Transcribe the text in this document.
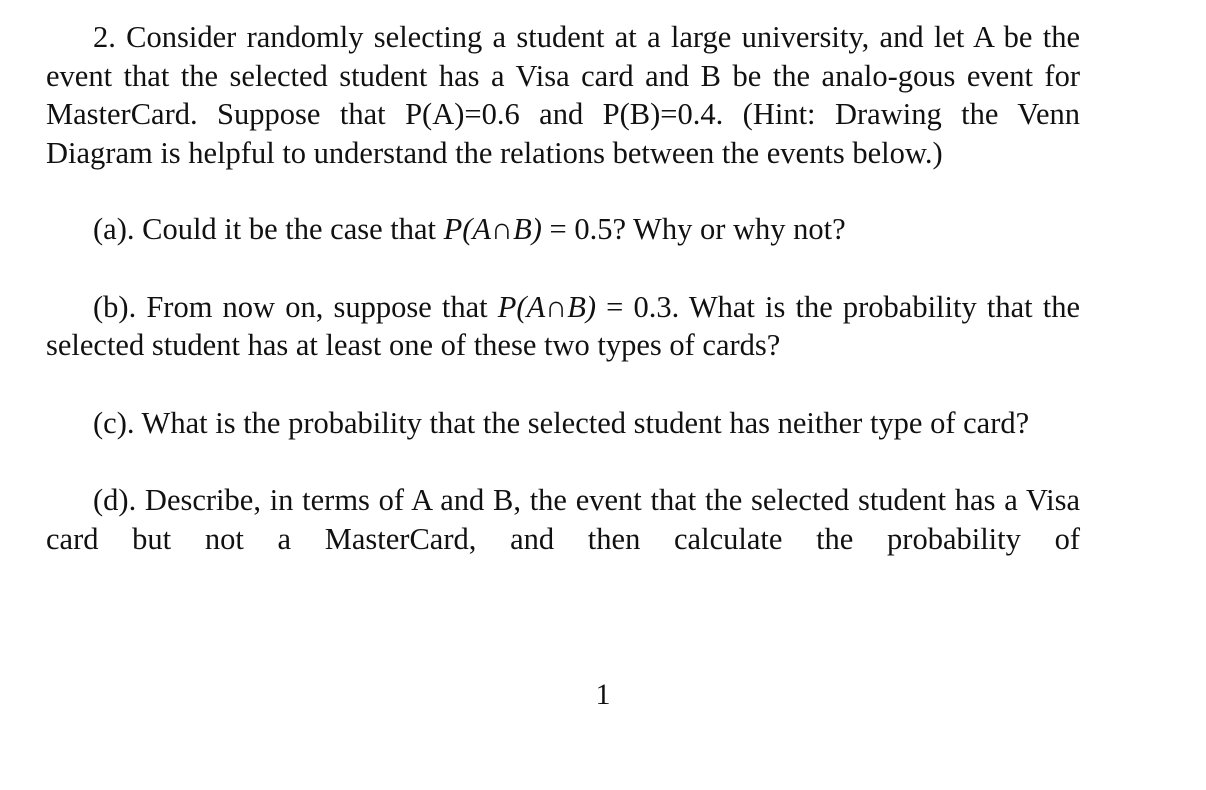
2. Consider randomly selecting a student at a large university, and let A be the event that the selected student has a Visa card and B be the analo-gous event for MasterCard. Suppose that P(A)=0.6 and P(B)=0.4. (Hint: Drawing the Venn Diagram is helpful to understand the relations between the events below.)

(a). Could it be the case that P(A∩B) = 0.5? Why or why not?

(b). From now on, suppose that P(A∩B) = 0.3. What is the probability that the selected student has at least one of these two types of cards?

(c). What is the probability that the selected student has neither type of card?

(d). Describe, in terms of A and B, the event that the selected student has a Visa card but not a MasterCard, and then calculate the probability of

1
